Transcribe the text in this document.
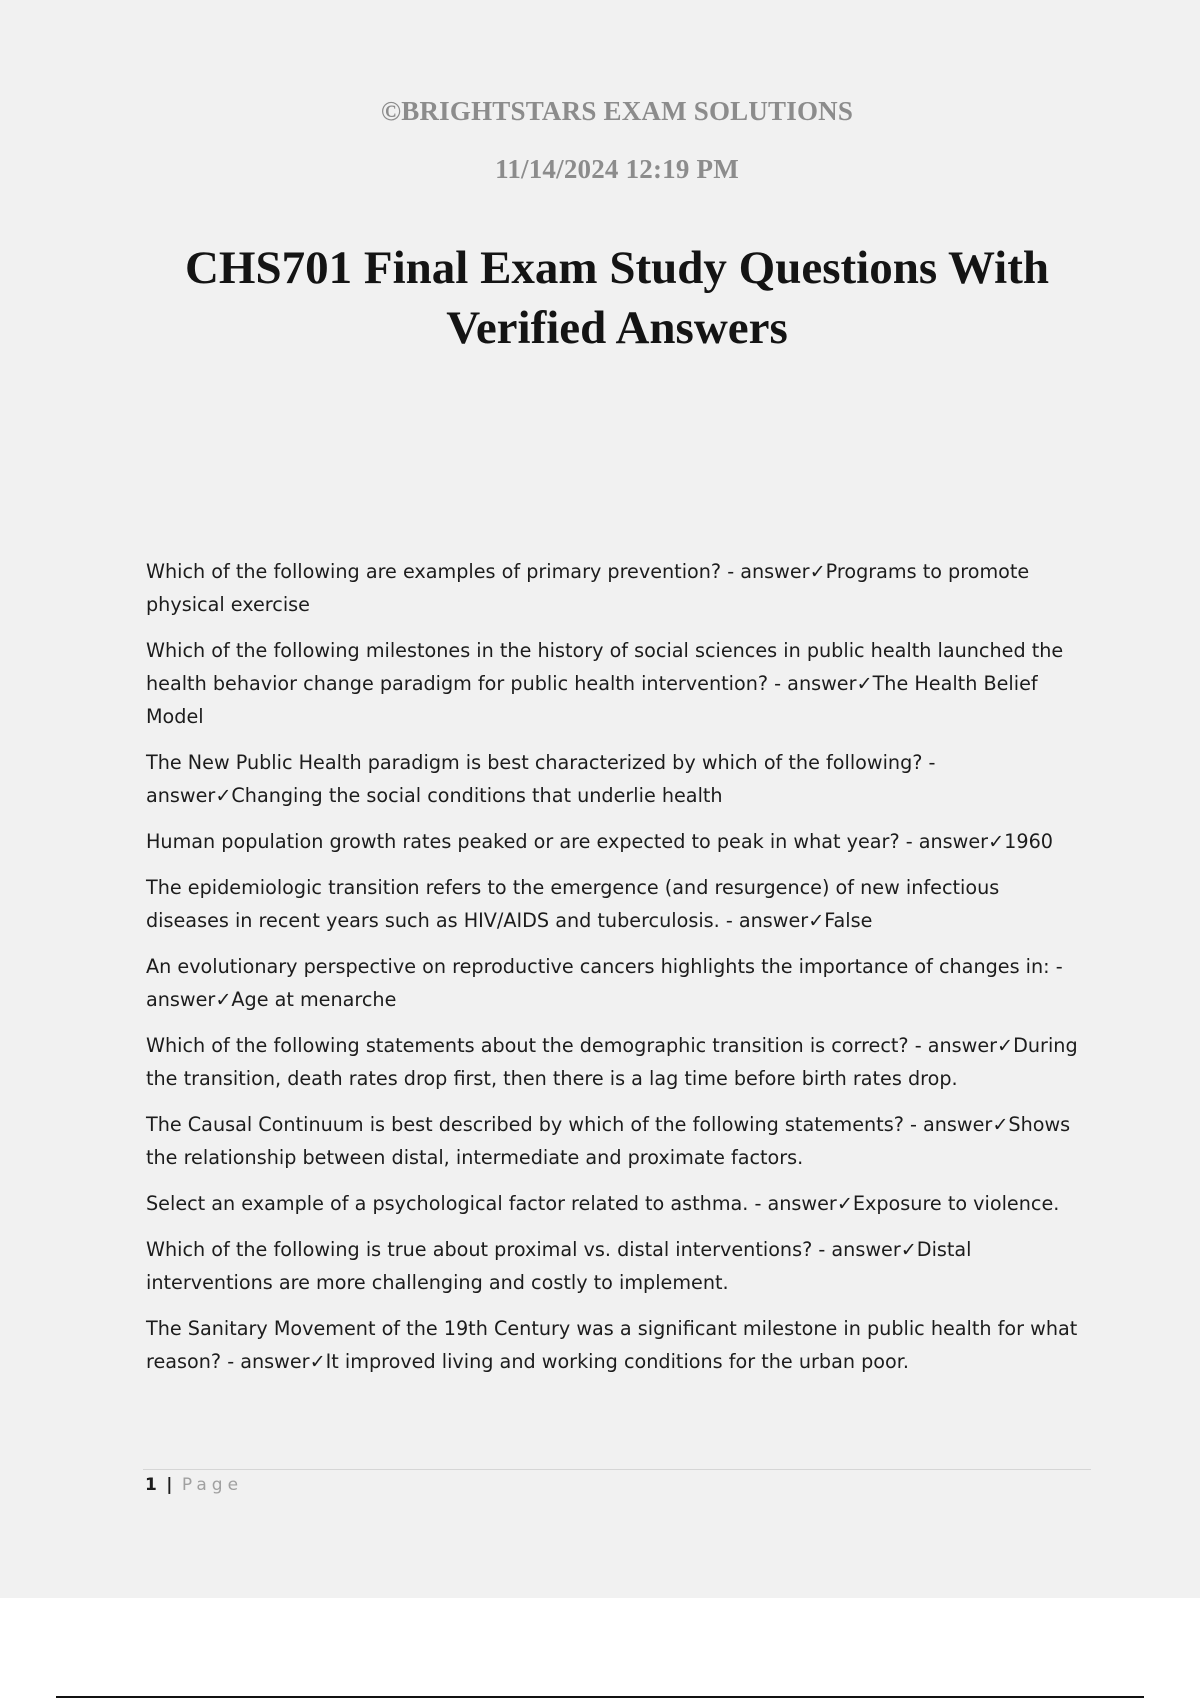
©BRIGHTSTARS EXAM SOLUTIONS
11/14/2024 12:19 PM
CHS701 Final Exam Study Questions With Verified Answers
Which of the following are examples of primary prevention? - answer✓Programs to promote physical exercise
Which of the following milestones in the history of social sciences in public health launched the health behavior change paradigm for public health intervention? - answer✓The Health Belief Model
The New Public Health paradigm is best characterized by which of the following? - answer✓Changing the social conditions that underlie health
Human population growth rates peaked or are expected to peak in what year? - answer✓1960
The epidemiologic transition refers to the emergence (and resurgence) of new infectious diseases in recent years such as HIV/AIDS and tuberculosis. - answer✓False
An evolutionary perspective on reproductive cancers highlights the importance of changes in: - answer✓Age at menarche
Which of the following statements about the demographic transition is correct? - answer✓During the transition, death rates drop first, then there is a lag time before birth rates drop.
The Causal Continuum is best described by which of the following statements? - answer✓Shows the relationship between distal, intermediate and proximate factors.
Select an example of a psychological factor related to asthma. - answer✓Exposure to violence.
Which of the following is true about proximal vs. distal interventions? - answer✓Distal interventions are more challenging and costly to implement.
The Sanitary Movement of the 19th Century was a significant milestone in public health for what reason? - answer✓It improved living and working conditions for the urban poor.
1 | Page
